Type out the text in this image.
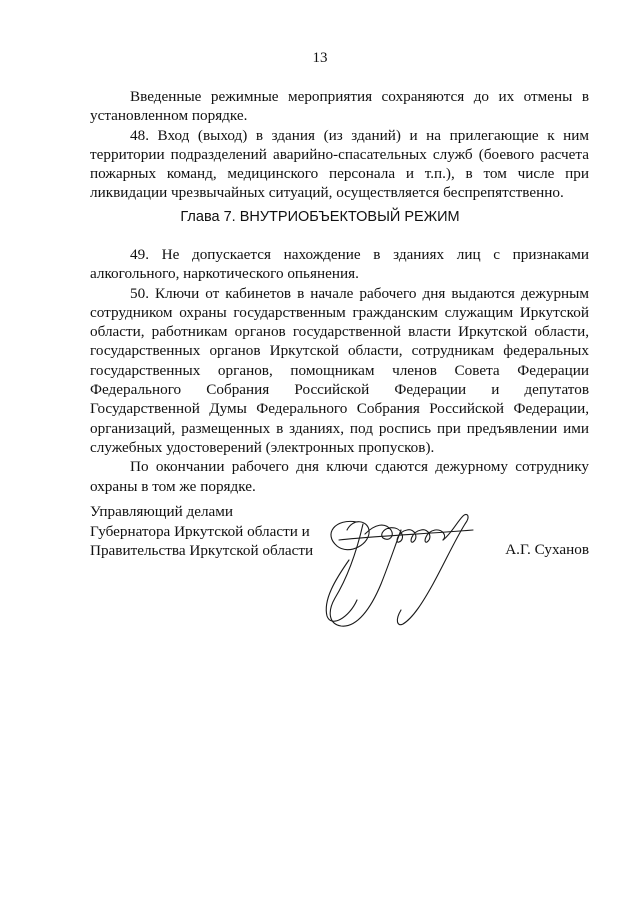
13

Введенные режимные мероприятия сохраняются до их отмены в установленном порядке.

48. Вход (выход) в здания (из зданий) и на прилегающие к ним территории подразделений аварийно-спасательных служб (боевого расчета пожарных команд, медицинского персонала и т.п.), в том числе при ликвидации чрезвычайных ситуаций, осуществляется беспрепятственно.

Глава 7. ВНУТРИОБЪЕКТОВЫЙ РЕЖИМ

49. Не допускается нахождение в зданиях лиц с признаками алкогольного, наркотического опьянения.

50. Ключи от кабинетов в начале рабочего дня выдаются дежурным сотрудником охраны государственным гражданским служащим Иркутской области, работникам органов государственной власти Иркутской области, государственных органов Иркутской области, сотрудникам федеральных государственных органов, помощникам членов Совета Федерации Федерального Собрания Российской Федерации и депутатов Государственной Думы Федерального Собрания Российской Федерации, организаций, размещенных в зданиях, под роспись при предъявлении ими служебных удостоверений (электронных пропусков).

По окончании рабочего дня ключи сдаются дежурному сотруднику охраны в том же порядке.

Управляющий делами
Губернатора Иркутской области и
Правительства Иркутской области	А.Г. Суханов
